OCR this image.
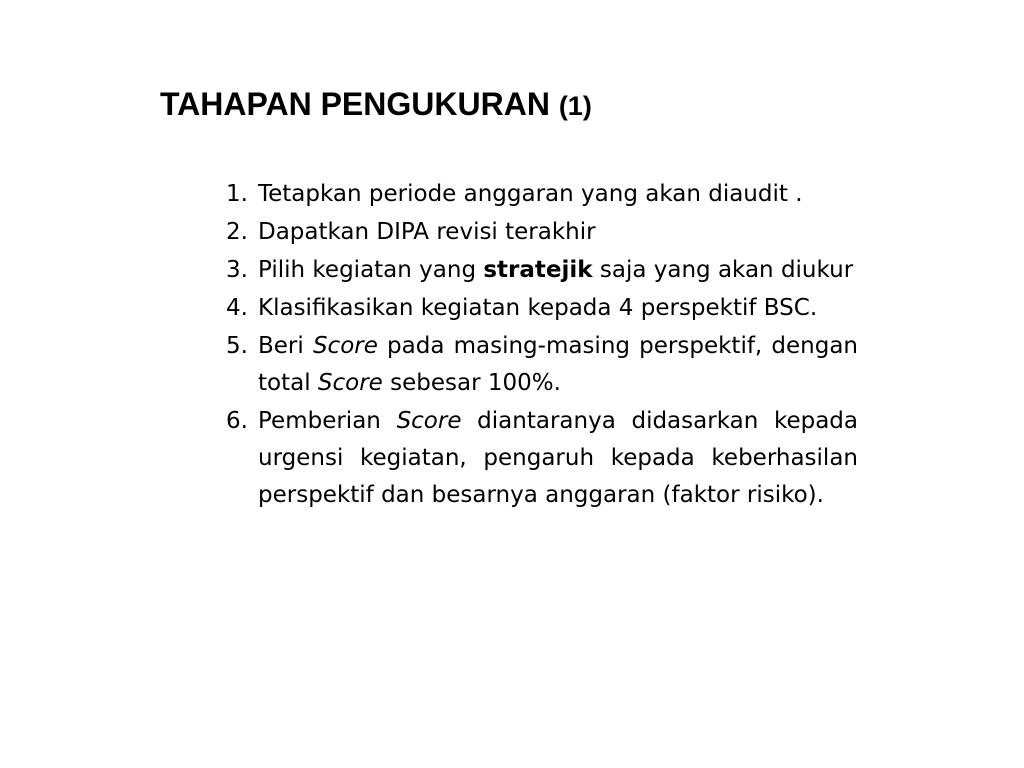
TAHAPAN PENGUKURAN (1)
1. Tetapkan periode anggaran yang akan diaudit .
2. Dapatkan DIPA revisi terakhir
3. Pilih kegiatan yang stratejik saja yang akan diukur
4. Klasifikasikan kegiatan kepada 4 perspektif BSC.
5. Beri Score pada masing-masing perspektif, dengan total Score sebesar 100%.
6. Pemberian Score diantaranya didasarkan kepada urgensi kegiatan, pengaruh kepada keberhasilan perspektif dan besarnya anggaran (faktor risiko).
